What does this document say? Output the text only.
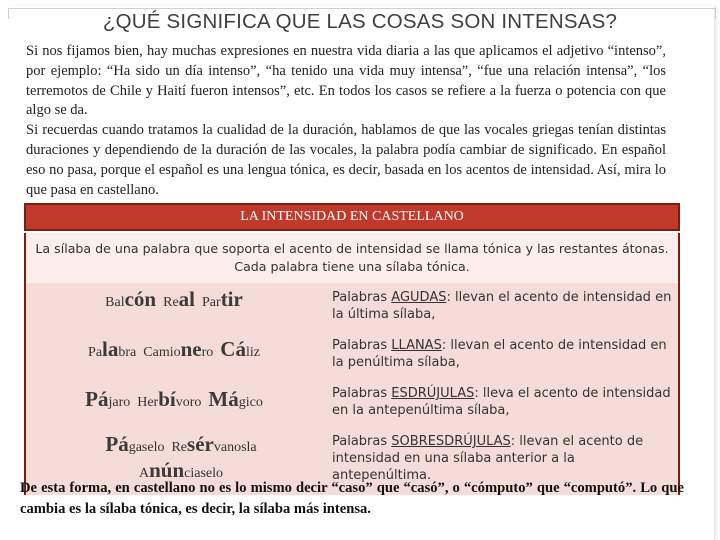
¿QUÉ SIGNIFICA QUE LAS COSAS SON INTENSAS?

Si nos fijamos bien, hay muchas expresiones en nuestra vida diaria a las que aplicamos el adjetivo “intenso”, por ejemplo: “Ha sido un día intenso”, “ha tenido una vida muy intensa”, “fue una relación intensa”, “los terremotos de Chile y Haití fueron intensos”, etc. En todos los casos se refiere a la fuerza o potencia con que algo se da.

Si recuerdas cuando tratamos la cualidad de la duración, hablamos de que las vocales griegas tenían distintas duraciones y dependiendo de la duración de las vocales, la palabra podía cambiar de significado. En español eso no pasa, porque el español es una lengua tónica, es decir, basada en los acentos de intensidad. Así, mira lo que pasa en castellano.

LA INTENSIDAD EN CASTELLANO
La sílaba de una palabra que soporta el acento de intensidad se llama tónica y las restantes átonas. Cada palabra tiene una sílaba tónica.
Balcón Real Partir	Palabras AGUDAS: llevan el acento de intensidad en la última sílaba,
Palabra Camionero Cáliz	Palabras LLANAS: llevan el acento de intensidad en la penúltima sílaba,
Pájaro Herbívoro Mágico
Palabras ESDRÚJULAS: lleva el acento de intensidad en la antepenúltima sílaba,
Págaselo Resérvanosla
Anúnciaselo
Palabras SOBRESDRÚJULAS: llevan el acento de intensidad en una sílaba anterior a la antepenúltima.

De esta forma, en castellano no es lo mismo decir “caso” que “casó”, o “cómputo” que “computó”. Lo que cambia es la sílaba tónica, es decir, la sílaba más intensa.
